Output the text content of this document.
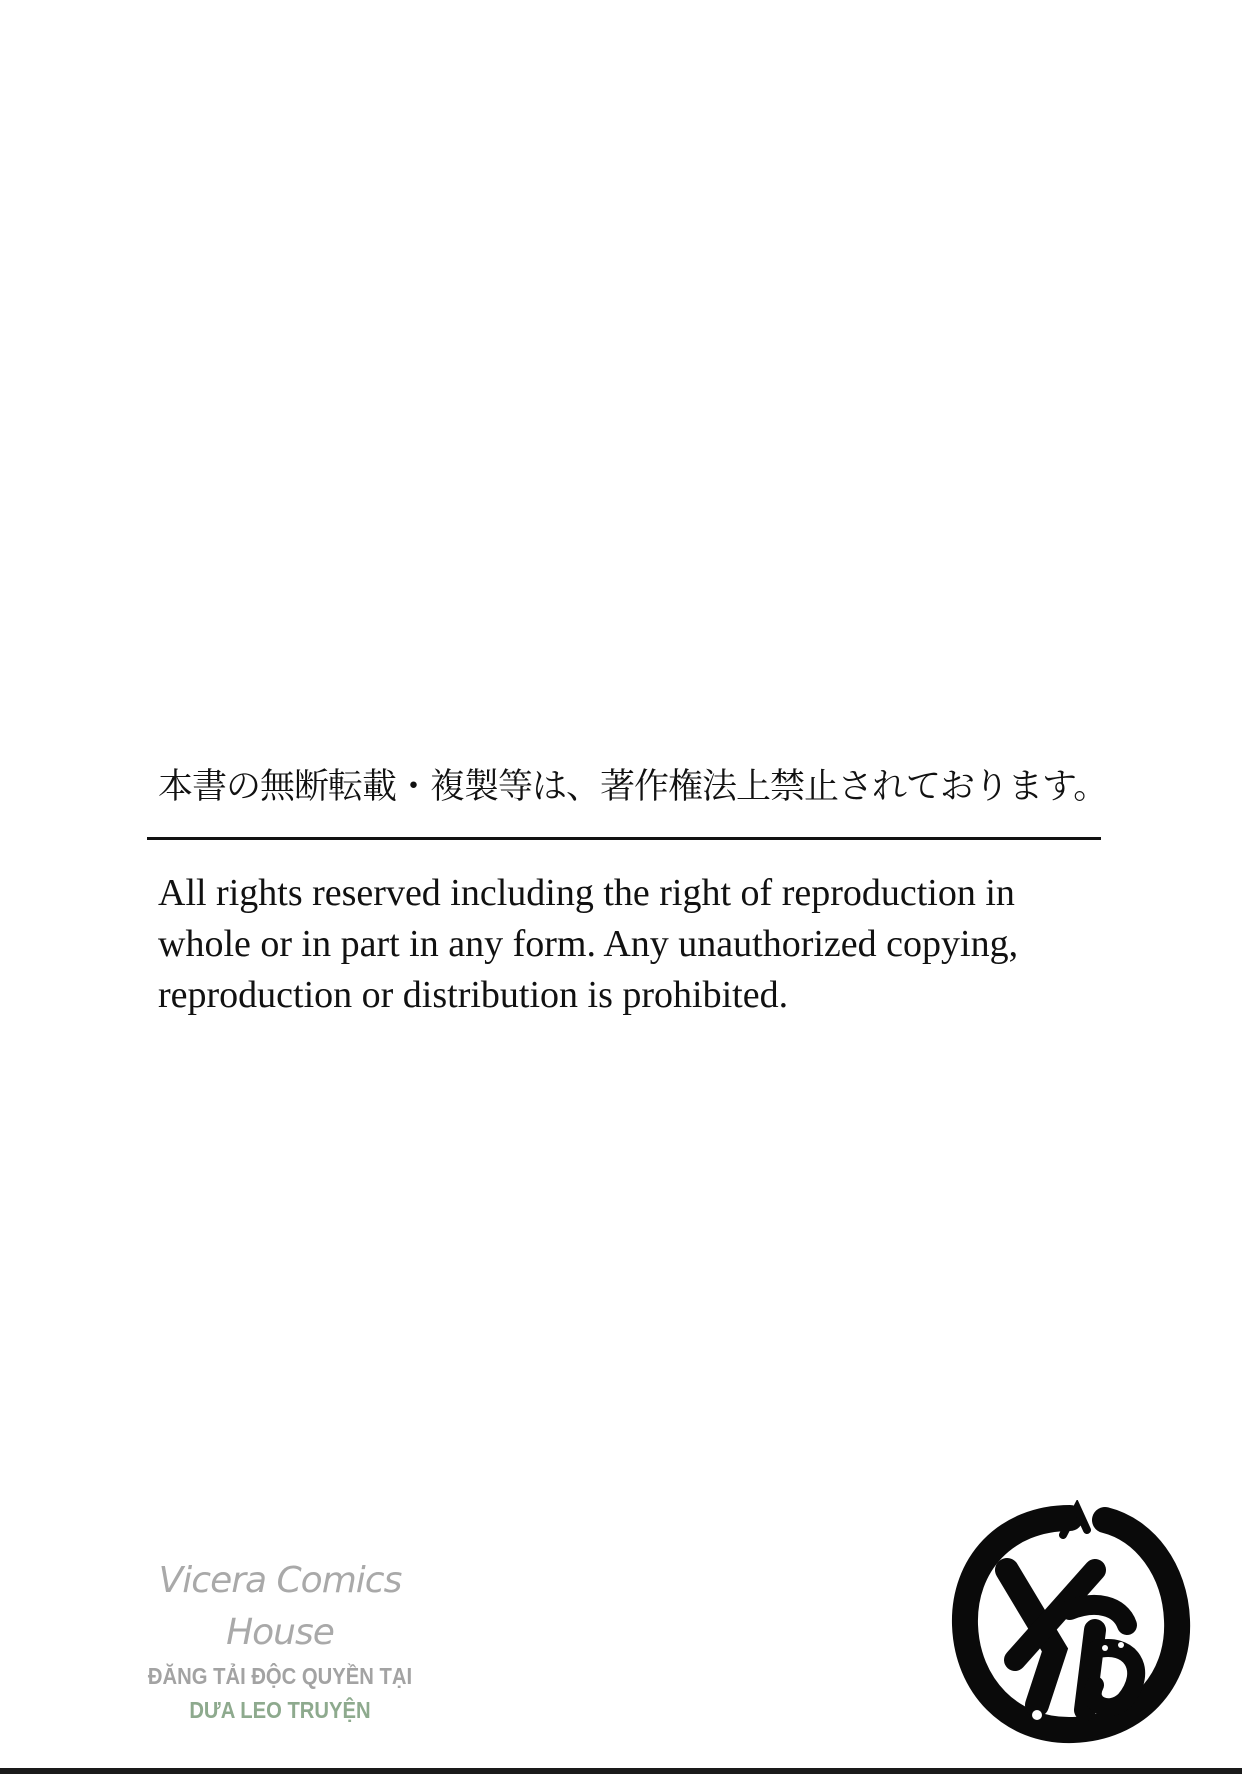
本書の無断転載・複製等は、著作権法上禁止されております。
All rights reserved including the right of reproduction in
whole or in part in any form. Any unauthorized copying,
reproduction or distribution is prohibited.
Vicera Comics House
ĐĂNG TẢI ĐỘC QUYỀN TẠI
DƯA LEO TRUYỆN
